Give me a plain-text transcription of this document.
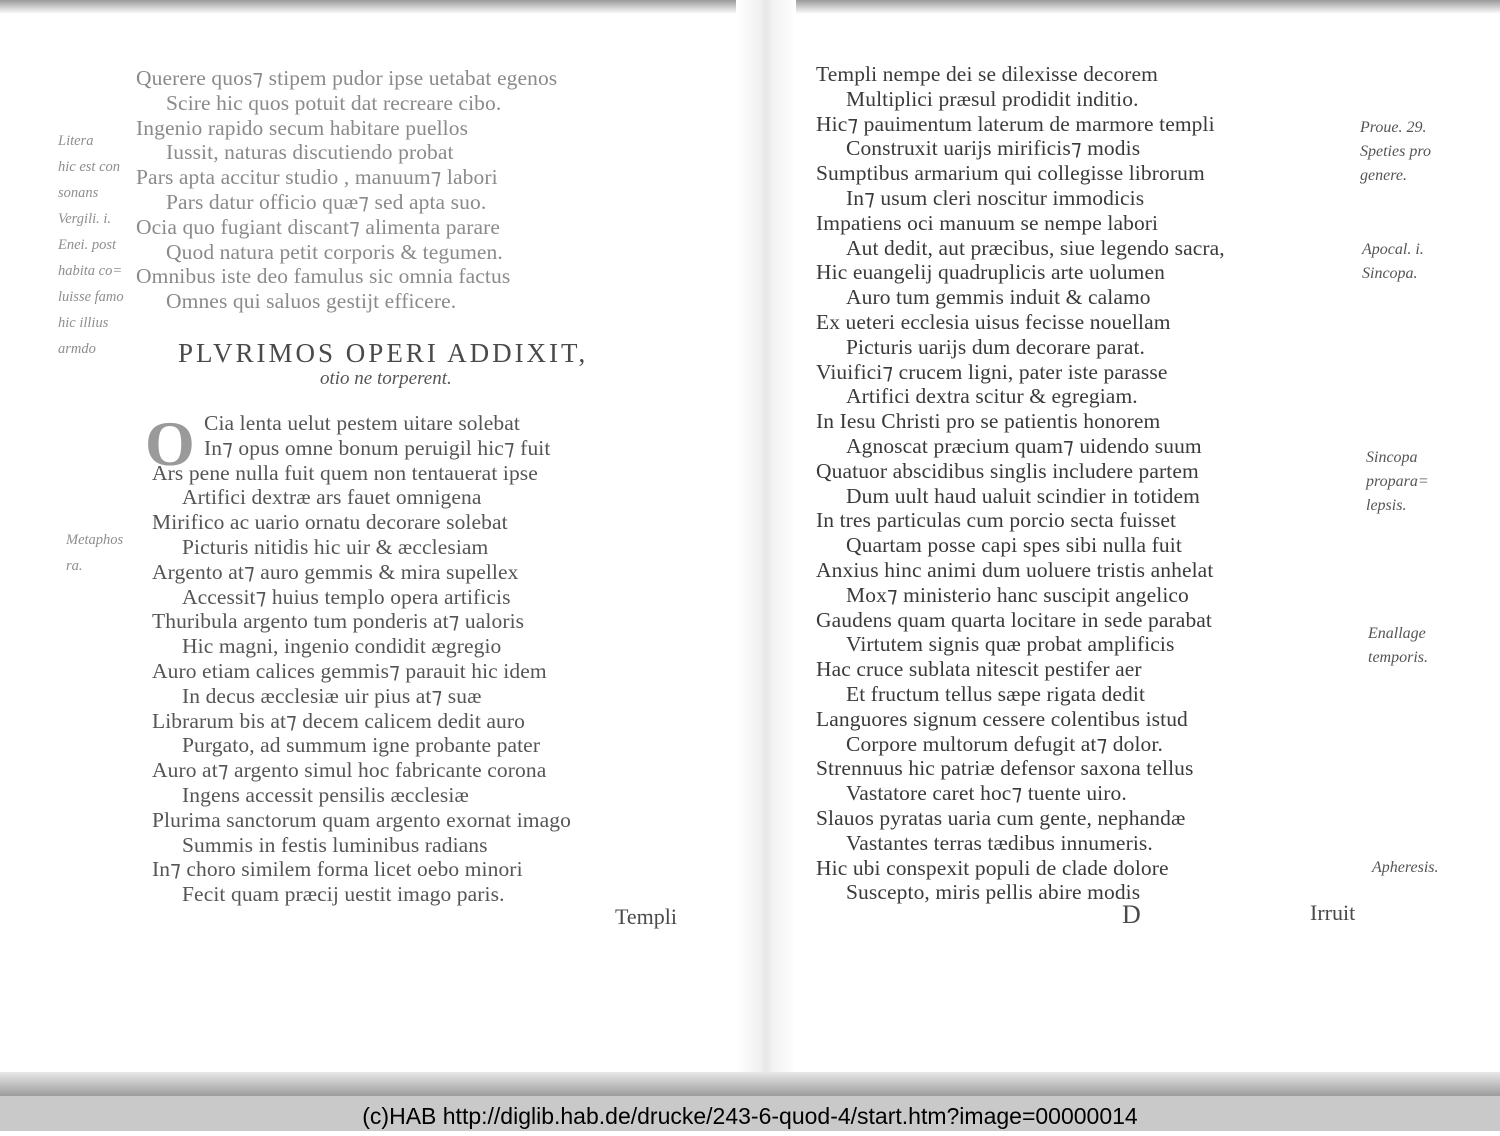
Litera
hic est con
sonans
Vergili. i.
Enei. post
habita co=
luisse famo
hic illius
armdo
Querere quos⁊ stipem pudor ipse uetabat egenos
Scire hic quos potuit dat recreare cibo.
Ingenio rapido secum habitare puellos
Iussit, naturas discutiendo probat
Pars apta accitur studio , manuum⁊ labori
Pars datur officio quæ⁊ sed apta suo.
Ocia quo fugiant discant⁊ alimenta parare
Quod natura petit corporis & tegumen.
Omnibus iste deo famulus sic omnia factus
Omnes qui saluos gestijt efficere.
PLVRIMOS OPERI ADDIXIT,
otio ne torperent.
O Cia lenta uelut pestem uitare solebat
In⁊ opus omne bonum peruigil hic⁊ fuit
Ars pene nulla fuit quem non tentauerat ipse
Artifici dextræ ars fauet omnigena
Mirifico ac uario ornatu decorare solebat
Picturis nitidis hic uir & æcclesiam
Argento at⁊ auro gemmis & mira supellex
Accessit⁊ huius templo opera artificis
Thuribula argento tum ponderis at⁊ ualoris
Hic magni, ingenio condidit ægregio
Auro etiam calices gemmis⁊ parauit hic idem
In decus æcclesiæ uir pius at⁊ suæ
Librarum bis at⁊ decem calicem dedit auro
Purgato, ad summum igne probante pater
Auro at⁊ argento simul hoc fabricante corona
Ingens accessit pensilis æcclesiæ
Plurima sanctorum quam argento exornat imago
Summis in festis luminibus radians
In⁊ choro similem forma licet oebo minori
Fecit quam præcij uestit imago paris.
Metaphos
ra.
Templi
Templi nempe dei se dilexisse decorem
Multiplici præsul prodidit inditio.
Hic⁊ pauimentum laterum de marmore templi
Construxit uarijs mirificis⁊ modis
Sumptibus armarium qui collegisse librorum
In⁊ usum cleri noscitur immodicis
Impatiens oci manuum se nempe labori
Aut dedit, aut præcibus, siue legendo sacra,
Hic euangelij quadruplicis arte uolumen
Auro tum gemmis induit & calamo
Ex ueteri ecclesia uisus fecisse nouellam
Picturis uarijs dum decorare parat.
Viuifici⁊ crucem ligni, pater iste parasse
Artifici dextra scitur & egregiam.
In Iesu Christi pro se patientis honorem
Agnoscat præcium quam⁊ uidendo suum
Quatuor abscidibus singlis includere partem
Dum uult haud ualuit scindier in totidem
In tres particulas cum porcio secta fuisset
Quartam posse capi spes sibi nulla fuit
Anxius hinc animi dum uoluere tristis anhelat
Mox⁊ ministerio hanc suscipit angelico
Gaudens quam quarta locitare in sede parabat
Virtutem signis quæ probat amplificis
Hac cruce sublata nitescit pestifer aer
Et fructum tellus sæpe rigata dedit
Languores signum cessere colentibus istud
Corpore multorum defugit at⁊ dolor.
Strennuus hic patriæ defensor saxona tellus
Vastatore caret hoc⁊ tuente uiro.
Slauos pyratas uaria cum gente, nephandæ
Vastantes terras tædibus innumeris.
Hic ubi conspexit populi de clade dolore
Suscepto, miris pellis abire modis
Proue. 29.
Speties pro
genere.
Apocal. i.
Sincopa.
Sincopa
propara=
lepsis.
Enallage
temporis.
Apheresis.
D	Irruit
(c)HAB http://diglib.hab.de/drucke/243-6-quod-4/start.htm?image=00000014
